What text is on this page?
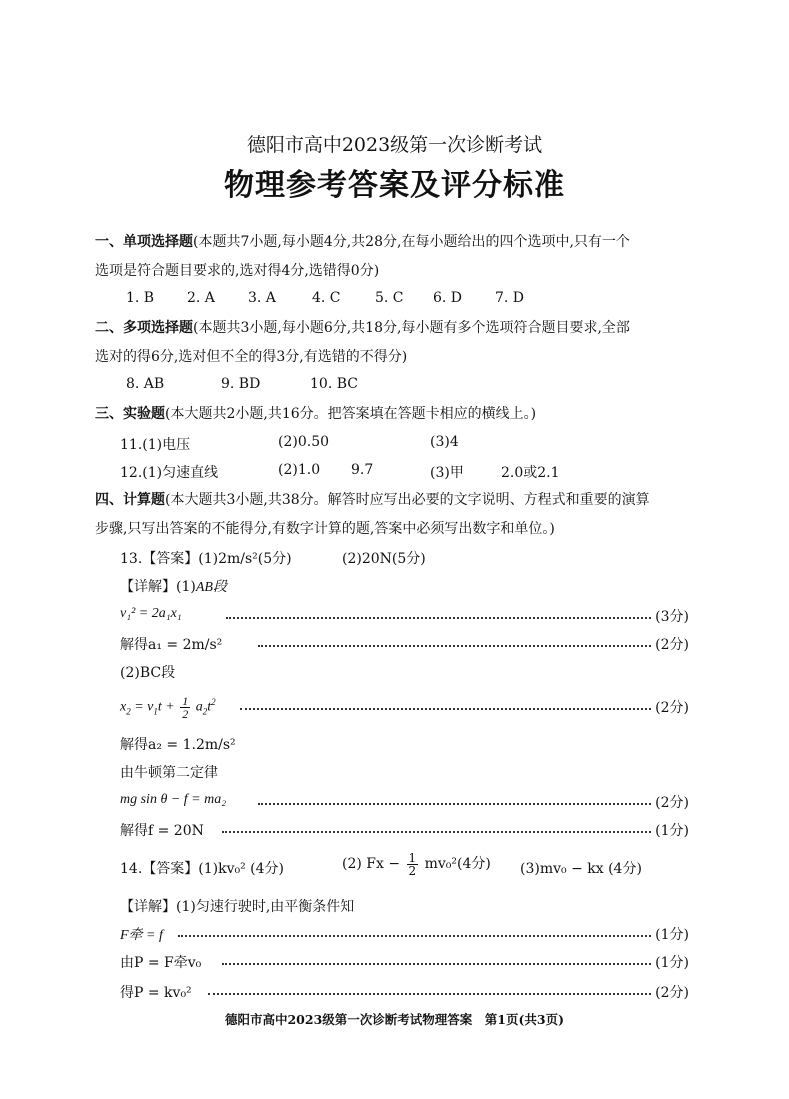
德阳市高中2023级第一次诊断考试
物理参考答案及评分标准
一、单项选择题(本题共7小题,每小题4分,共28分,在每小题给出的四个选项中,只有一个
选项是符合题目要求的,选对得4分,选错得0分)
1. B 2. A 3. A	4. C 5. C 6. D 7. D
二、多项选择题(本题共3小题,每小题6分,共18分,每小题有多个选项符合题目要求,全部
选对的得6分,选对但不全的得3分,有选错的不得分)
8. AB	9. BD	10. BC
三、实验题(本大题共2小题,共16分。把答案填在答题卡相应的横线上。)
11.(1)电压	(2)0.50	(3)4
12.(1)匀速直线	(2)1.0 9.7	(3)甲	2.0或2.1
四、计算题(本大题共3小题,共38分。解答时应写出必要的文字说明、方程式和重要的演算
步骤,只写出答案的不能得分,有数字计算的题,答案中必须写出数字和单位。)
13.【答案】(1)2m/s²(5分)	(2)20N(5分)
【详解】(1)AB段
v₁² = 2a₁x₁	(3分)
解得a₁ = 2m/s²	(2分)
(2)BC段
$x_2 = v_1t + \frac{1}{2} a_2t^2$	(2分)
解得a₂ = 1.2m/s²
由牛顿第二定律
mg sin θ − f = ma₂	(2分)
解得f = 20N	(1分)
14.【答案】(1)kv₀² (4分)	(2) $Fx - \frac{1}{2} mv_0^2(4$分) (3)mv₀ − kx (4分)
【详解】(1)匀速行驶时,由平衡条件知
F牵 = f	(1分)
由P = F牵v₀	(1分)
得P = kv₀²	(2分)
德阳市高中2023级第一次诊断考试物理答案　第1页(共3页)
